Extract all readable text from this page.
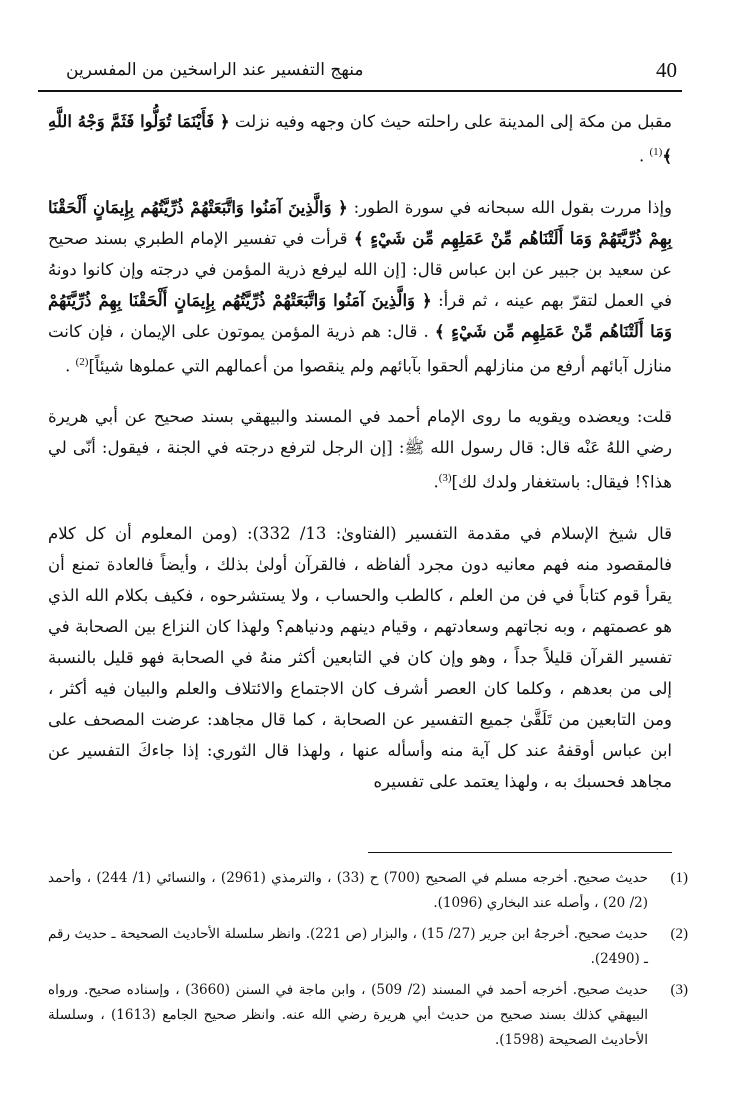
40
منهج التفسير عند الراسخين من المفسرين

مقبل من مكة إلى المدينة على راحلته حيث كان وجهه وفيه نزلت ﴿ فَأَيْنَمَا تُوَلُّوا فَثَمَّ وَجْهُ اللَّهِ ﴾$^{(1)}$ .

وإذا مررت بقول الله سبحانه في سورة الطور: ﴿ وَالَّذِينَ آمَنُوا وَاتَّبَعَتْهُمْ ذُرِّيَّتُهُم بِإِيمَانٍ أَلْحَقْنَا بِهِمْ ذُرِّيَّتَهُمْ وَمَا أَلَتْنَاهُم مِّنْ عَمَلِهِم مِّن شَيْءٍ ﴾ قرأت في تفسير الإمام الطبري بسند صحيح عن سعيد بن جبير عن ابن عباس قال: [إن الله ليرفع ذرية المؤمن في درجته وإن كانوا دونهُ في العمل لتقرّ بهم عينه ، ثم قرأ: ﴿ وَالَّذِينَ آمَنُوا وَاتَّبَعَتْهُمْ ذُرِّيَّتُهُم بِإِيمَانٍ أَلْحَقْنَا بِهِمْ ذُرِّيَّتَهُمْ وَمَا أَلَتْنَاهُم مِّنْ عَمَلِهِم مِّن شَيْءٍ ﴾ . قال: هم ذرية المؤمن يموتون على الإيمان ، فإن كانت منازل آبائهم أرفع من منازلهم ألحقوا بآبائهم ولم ينقصوا من أعمالهم التي عملوها شيئاً]$^{(2)}$ .

قلت: ويعضده ويقويه ما روى الإمام أحمد في المسند والبيهقي بسند صحيح عن أبي هريرة رضي اللهُ عَنْه قال: قال رسول الله ﷺ: [إن الرجل لترفع درجته في الجنة ، فيقول: أنّى لي هذا؟! فيقال: باستغفار ولدك لك]$^{(3)}$.

قال شيخ الإسلام في مقدمة التفسير (الفتاوىٰ: 13/ 332): (ومن المعلوم أن كل كلام فالمقصود منه فهم معانيه دون مجرد ألفاظه ، فالقرآن أولىٰ بذلك ، وأيضاً فالعادة تمنع أن يقرأ قوم كتاباً في فن من العلم ، كالطب والحساب ، ولا يستشرحوه ، فكيف بكلام الله الذي هو عصمتهم ، وبه نجاتهم وسعادتهم ، وقيام دينهم ودنياهم؟ ولهذا كان النزاع بين الصحابة في تفسير القرآن قليلاً جداً ، وهو وإن كان في التابعين أكثر منهُ في الصحابة فهو قليل بالنسبة إلى من بعدهم ، وكلما كان العصر أشرف كان الاجتماع والائتلاف والعلم والبيان فيه أكثر ، ومن التابعين من تَلَقَّىٰ جميع التفسير عن الصحابة ، كما قال مجاهد: عرضت المصحف على ابن عباس أوقفهُ عند كل آية منه وأسأله عنها ، ولهذا قال الثوري: إذا جاءكَ التفسير عن مجاهد فحسبك به ، ولهذا يعتمد على تفسيره

(1)
حديث صحيح. أخرجه مسلم في الصحيح (700) ح (33) ، والترمذي (2961) ، والنسائي (1/ 244) ، وأحمد (2/ 20) ، وأصله عند البخاري (1096).
(2)
حديث صحيح. أخرجهُ ابن جرير (27/ 15) ، والبزار (ص 221). وانظر سلسلة الأحاديث الصحيحة ـ حديث رقم ـ (2490).
(3)
حديث صحيح. أخرجه أحمد في المسند (2/ 509) ، وابن ماجة في السنن (3660) ، وإسناده صحيح. ورواه البيهقي كذلك بسند صحيح من حديث أبي هريرة رضي الله عنه. وانظر صحيح الجامع (1613) ، وسلسلة الأحاديث الصحيحة (1598).
